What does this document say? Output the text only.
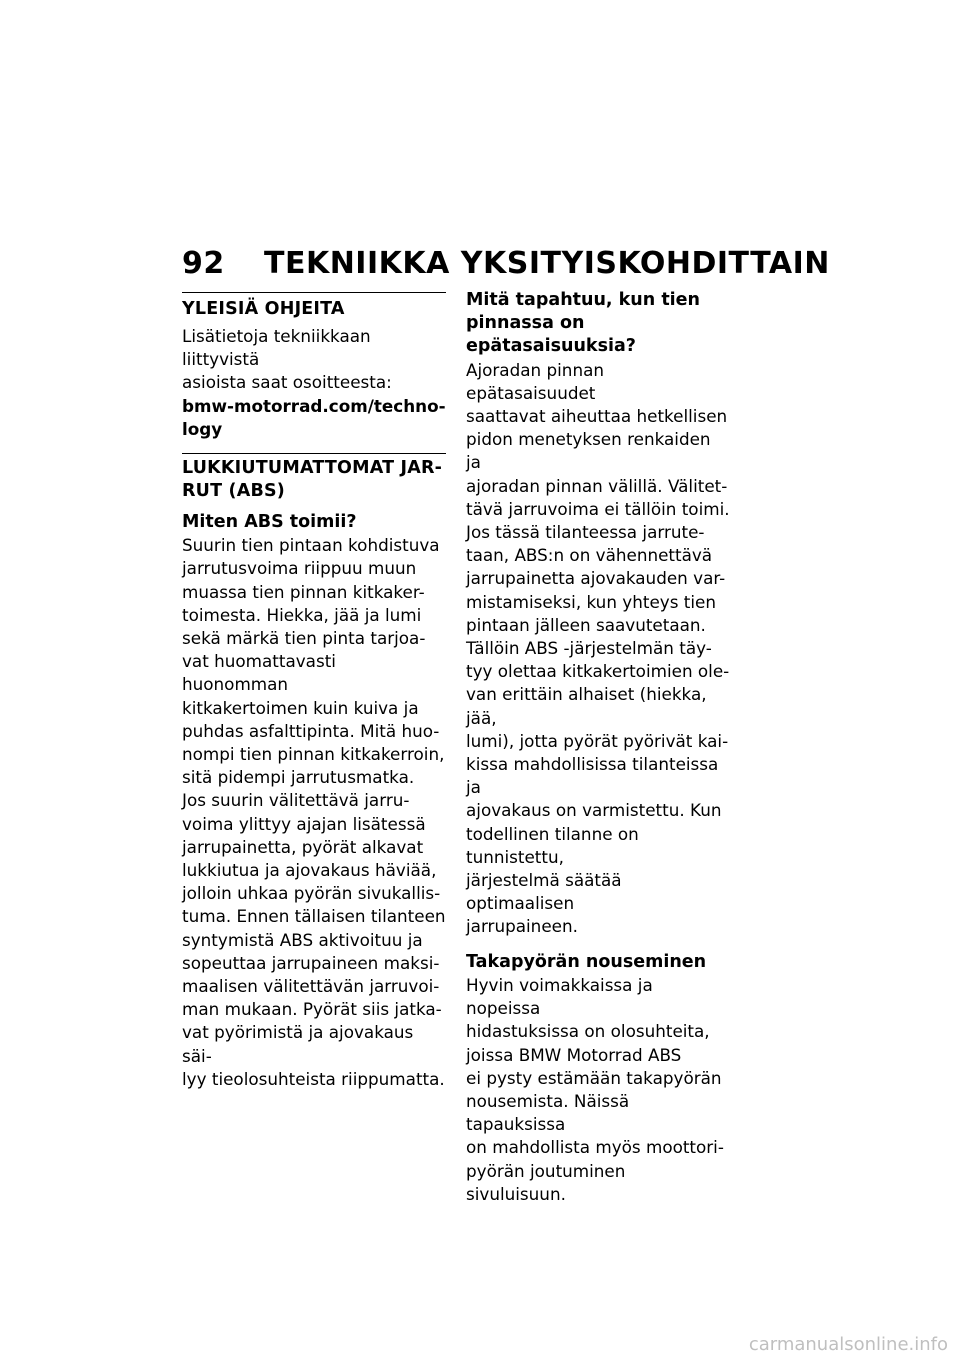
92 TEKNIIKKA YKSITYISKOHDITTAIN
YLEISIÄ OHJEITA

Lisätietoja tekniikkaan liittyvistä
asioista saat osoitteesta:

bmw-motorrad.com/techno-
logy

LUKKIUTUMATTOMAT JAR-
RUT (ABS)

Miten ABS toimii?

Suurin tien pintaan kohdistuva
jarrutusvoima riippuu muun
muassa tien pinnan kitkaker-
toimesta. Hiekka, jää ja lumi
sekä märkä tien pinta tarjoa-
vat huomattavasti huonomman
kitkakertoimen kuin kuiva ja
puhdas asfalttipinta. Mitä huo-
nompi tien pinnan kitkakerroin,
sitä pidempi jarrutusmatka.

Jos suurin välitettävä jarru-
voima ylittyy ajajan lisätessä
jarrupainetta, pyörät alkavat
lukkiutua ja ajovakaus häviää,
jolloin uhkaa pyörän sivukallis-
tuma. Ennen tällaisen tilanteen
syntymistä ABS aktivoituu ja
sopeuttaa jarrupaineen maksi-
maalisen välitettävän jarruvoi-
man mukaan. Pyörät siis jatka-
vat pyörimistä ja ajovakaus säi-
lyy tieolosuhteista riippumatta.

Mitä tapahtuu, kun tien
pinnassa on epätasaisuuksia?

Ajoradan pinnan epätasaisuudet
saattavat aiheuttaa hetkellisen
pidon menetyksen renkaiden ja
ajoradan pinnan välillä. Välitet-
tävä jarruvoima ei tällöin toimi.
Jos tässä tilanteessa jarrute-
taan, ABS:n on vähennettävä
jarrupainetta ajovakauden var-
mistamiseksi, kun yhteys tien
pintaan jälleen saavutetaan.
Tällöin ABS -järjestelmän täy-
tyy olettaa kitkakertoimien ole-
van erittäin alhaiset (hiekka, jää,
lumi), jotta pyörät pyörivät kai-
kissa mahdollisissa tilanteissa ja
ajovakaus on varmistettu. Kun
todellinen tilanne on tunnistettu,
järjestelmä säätää optimaalisen
jarrupaineen.

Takapyörän nouseminen

Hyvin voimakkaissa ja nopeissa
hidastuksissa on olosuhteita,
joissa BMW Motorrad ABS
ei pysty estämään takapyörän
nousemista. Näissä tapauksissa
on mahdollista myös moottori-
pyörän joutuminen sivuluisuun.

carmanualsonline.info
